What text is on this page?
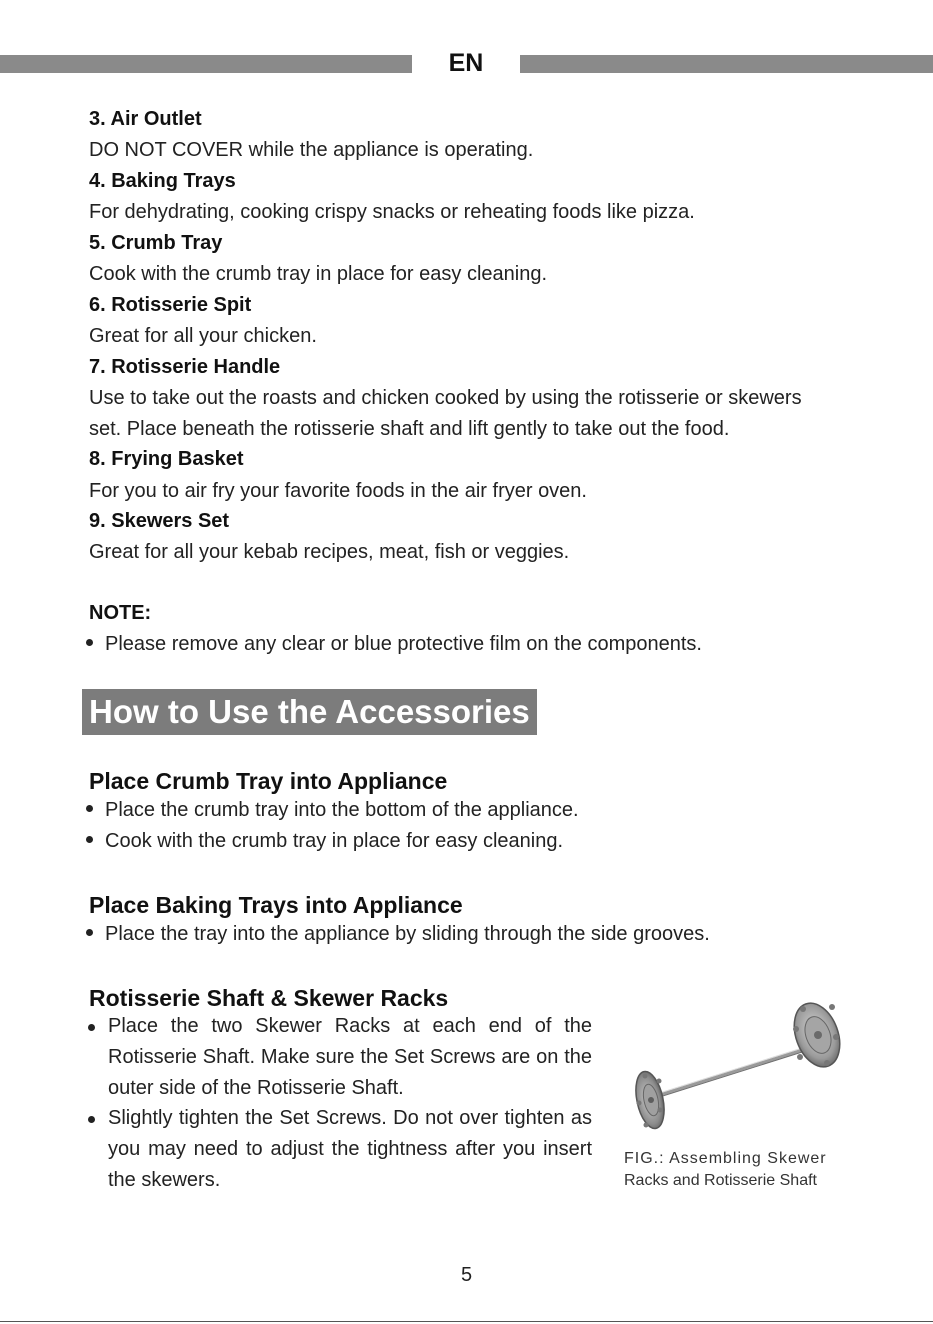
EN
3. Air Outlet
DO NOT COVER while the appliance is operating.
4. Baking Trays
For dehydrating, cooking crispy snacks or reheating foods like pizza.
5. Crumb Tray
Cook with the crumb tray in place for easy cleaning.
6. Rotisserie Spit
Great for all your chicken.
7. Rotisserie Handle
Use to take out the roasts and chicken cooked by using the rotisserie or skewers
set. Place beneath the rotisserie shaft and lift gently to take out the food.
8. Frying Basket
For you to air fry your favorite foods in the air fryer oven.
9. Skewers Set
Great for all your kebab recipes, meat, fish or veggies.
NOTE:
Please remove any clear or blue protective film on the components.
How to Use the Accessories
Place Crumb Tray into Appliance
Place the crumb tray into the bottom of the appliance.
Cook with the crumb tray in place for easy cleaning.
Place Baking Trays into Appliance
Place the tray into the appliance by sliding through the side grooves.
Rotisserie Shaft & Skewer Racks
Place the two Skewer Racks at each end of the Rotisserie Shaft. Make sure the Set Screws are on the outer side of the Rotisserie Shaft.
Slightly tighten the Set Screws. Do not over tighten as you may need to adjust the tightness after you insert the skewers.
FIG.: Assembling Skewer
Racks and Rotisserie Shaft
5
